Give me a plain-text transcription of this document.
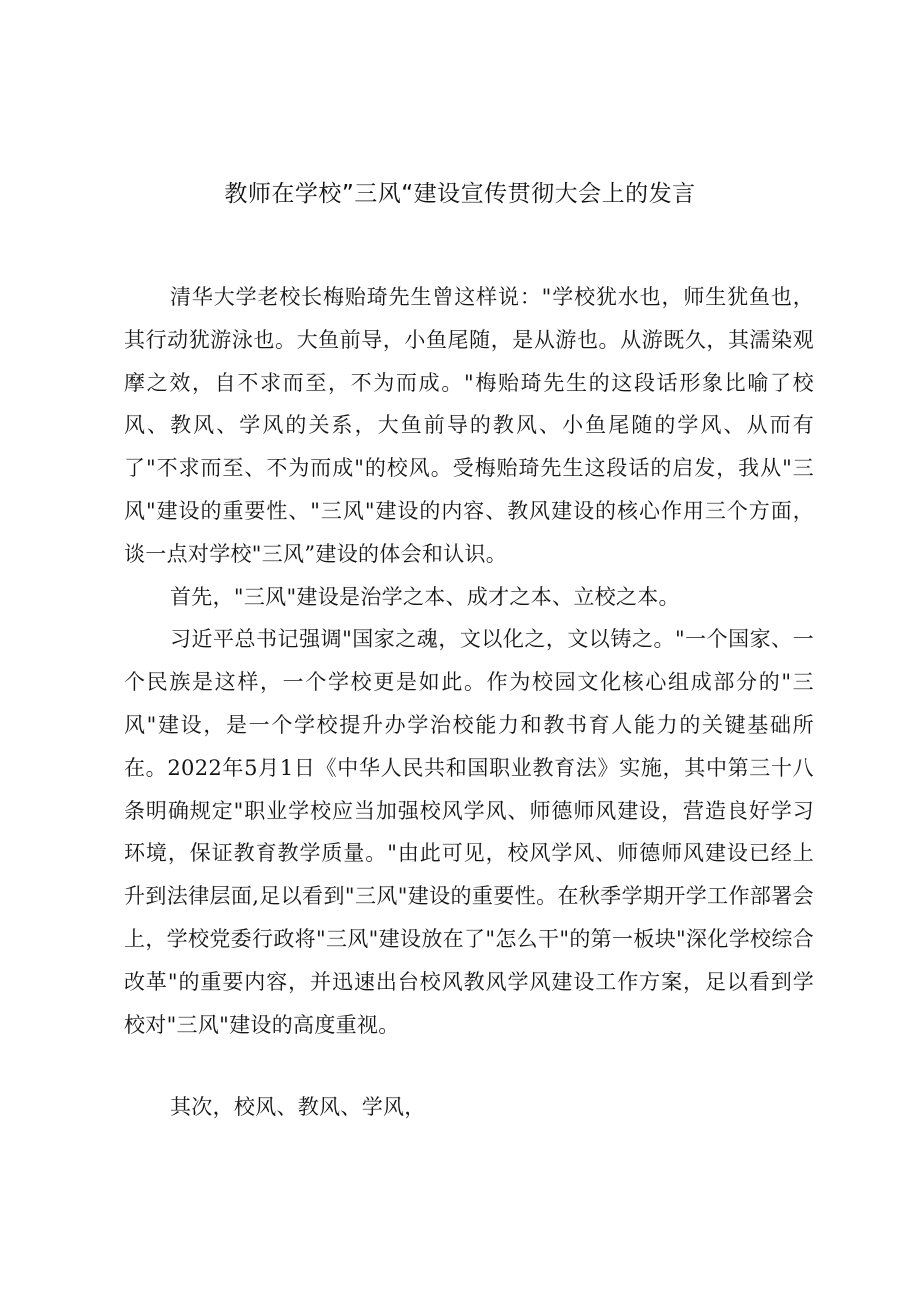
教师在学校”三风“建设宣传贯彻大会上的发言

清华大学老校长梅贻琦先生曾这样说："学校犹水也，师生犹鱼也，其行动犹游泳也。大鱼前导，小鱼尾随，是从游也。从游既久，其濡染观摩之效，自不求而至，不为而成。"梅贻琦先生的这段话形象比喻了校风、教风、学风的关系，大鱼前导的教风、小鱼尾随的学风、从而有了"不求而至、不为而成"的校风。受梅贻琦先生这段话的启发，我从"三风"建设的重要性、"三风"建设的内容、教风建设的核心作用三个方面，谈一点对学校"三风”建设的体会和认识。

首先，"三风"建设是治学之本、成才之本、立校之本。

习近平总书记强调"国家之魂，文以化之，文以铸之。"一个国家、一个民族是这样，一个学校更是如此。作为校园文化核心组成部分的"三风"建设，是一个学校提升办学治校能力和教书育人能力的关键基础所在。2022年5月1日《中华人民共和国职业教育法》实施，其中第三十八条明确规定"职业学校应当加强校风学风、师德师风建设，营造良好学习环境，保证教育教学质量。"由此可见，校风学风、师德师风建设已经上升到法律层面,足以看到"三风"建设的重要性。在秋季学期开学工作部署会上，学校党委行政将"三风"建设放在了"怎么干"的第一板块"深化学校综合改革"的重要内容，并迅速出台校风教风学风建设工作方案，足以看到学校对"三风"建设的高度重视。

其次，校风、教风、学风，
